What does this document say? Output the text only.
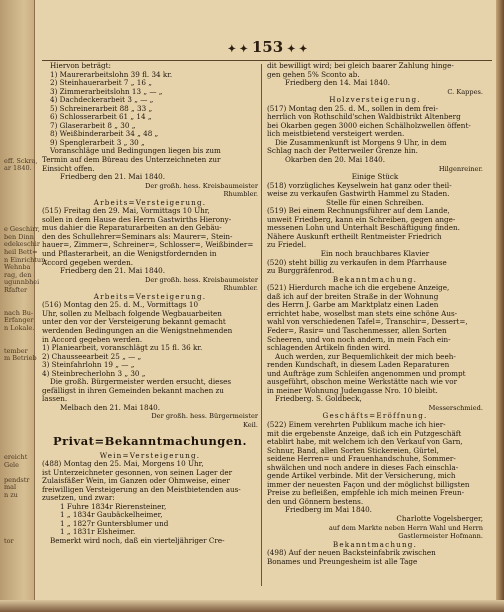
eff. Sckra,
ar 1840.

e Geschirr,
ben Dinn
edekeschir
heil Bett=
n Einrichtun-
Wehnba
rag, den
ugunnbhei
Rfafter

nach Bu-
Erfanger
n Lokale.

tember
m Betrieb

ereicht
Gele

pendstr
mal
n zu

tor
✦ ✦ 153 ✦ ✦
Hiervon beträgt:
1) Maurerarbeitslohn 39 fl. 34 kr.
2) Steinhauerarbeit 7 „ 16 „
3) Zimmerarbeitslohn 13 „ — „
4) Dachdeckerarbeit 3 „ — „
5) Schreinerarbeit 88 „ 33 „
6) Schlosserarbeit 61 „ 14 „
7) Glaserarbeit 8 „ 30 „
8) Weißbinderarbeit 34 „ 48 „
9) Spenglerarbeit 3 „ 30 „
Voranschläge und Bedingungen liegen bis zum
Termin auf dem Büreau des Unterzeichneten zur
Einsicht offen.
Friedberg den 21. Mai 1840.
Der großh. hess. Kreisbaumeister
Rhumbler.
Arbeits=Versteigerung.
(515) Freitag den 29. Mai, Vormittags 10 Uhr,
sollen in dem Hause des Herrn Gastwirths Hierony-
mus dahier die Reparaturarbeiten an den Gebäu-
den des Schullehrer=Seminars als: Maurer=, Stein-
hauer=, Zimmer=, Schreiner=, Schlosser=, Weißbinder=
und Pflasterarbeit, an die Wenigstfordernden in
Accord gegeben werden.
Friedberg den 21. Mai 1840.
Der großh. hess. Kreisbaumeister
Rhumbler.
Arbeits=Versteigerung.
(516) Montag den 25. d. M., Vormittags 10
Uhr, sollen zu Melbach folgende Wegbauarbeiten
unter den vor der Versteigerung bekannt gemacht
werdenden Bedingungen an die Wenigstnehmenden
in Accord gegeben werden.
1) Planiearbeit, voranschlägt zu 15 fl. 36 kr.
2) Chausseearbeit 25 „ — „
3) Steinfahrlohn 19 „ — „
4) Steinbrecherlohn 3 „ 30 „
Die großh. Bürgermeister werden ersucht, dieses
gefälligst in ihren Gemeinden bekannt machen zu
lassen.
Melbach den 21. Mai 1840.
Der großh. hess. Bürgermeister
Keil.
Privat=Bekanntmachungen.
Wein=Versteigerung.
(488) Montag den 25. Mai, Morgens 10 Uhr,
ist Unterzeichneter gesonnen, von seinen Lager der
Zulaisfäßer Wein, im Ganzen oder Ohmweise, einer
freiwilligen Versteigerung an den Meistbietenden aus-
zusetzen, und zwar:
1 Fuhre 1834r Rierensteiner,
1 „ 1834r Gaubäckelheimer,
1 „ 1827r Guntersblumer und
1 „ 1831r Elsheimer.
Bemerkt wird noch, daß ein vierteljähriger Cre-
dit bewilligt wird; bei gleich baarer Zahlung hinge-
gen gehen 5% Sconto ab.
Friedberg den 14. Mai 1840.
C. Kappes.
Holzversteigerung.
(517) Montag den 25. d. M., sollen in dem frei-
herrlich von Rothschild'schen Waldbistrikt Altenberg
bei Okarben gegen 3000 eichen Schälholzwellen öffent-
lich meistbietend versteigert werden.
Die Zusammenkunft ist Morgens 9 Uhr, in dem
Schlag nach der Petterweiler Grenze hin.
Okarben den 20. Mai 1840.
Hilgenreiner.
Einige Stück
(518) vorzügliches Keyselwein hat ganz oder theil-
weise zu verkaufen Gastwirth Hammel zu Staden.
Stelle für einen Schreiben.
(519) Bei einem Rechnungsführer auf dem Lande,
unweit Friedberg, kann ein Schreiben, gegen ange-
messenen Lohn und Unterhalt Beschäftigung finden.
Nähere Auskunft ertheilt Rentmeister Friedrich
zu Friedel.
Ein noch brauchbares Klavier
(520) steht billig zu verkaufen in dem Pfarrhause
zu Burggräfenrod.
Bekanntmachung.
(521) Hierdurch mache ich die ergebene Anzeige,
daß ich auf der breiten Straße in der Wohnung
des Herrn J. Garbe am Marktplatz einen Laden
errichtet habe, woselbst man stets eine schöne Aus-
wahl von verschiedenen Tafel=, Transchir=, Dessert=,
Feder=, Rasir= und Taschenmesser, allen Sorten
Scheeren, und von noch andern, in mein Fach ein-
schlagenden Artikeln finden wird.
Auch werden, zur Bequemlichkeit der mich beeh-
renden Kundschaft, in diesem Laden Reparaturen
und Aufträge zum Schleifen angenommen und prompt
ausgeführt, obschon meine Werkstätte nach wie vor
in meiner Wohnung Judengasse Nro. 10 bleibt.
Friedberg. S. Goldbeck,
Messerschmied.
Geschäfts=Eröffnung.
(522) Einem verehrten Publikum mache ich hier-
mit die ergebenste Anzeige, daß ich ein Putzgeschäft
etablirt habe, mit welchem ich den Verkauf von Garn,
Schnur, Band, allen Sorten Stickereien, Gürtel,
seidene Herren= und Frauenhandschuhe, Sommer-
shwälchen und noch andere in dieses Fach einschla-
gende Artikel verbinde. Mit der Versicherung, mich
immer der neuesten Façon und der möglichst billigsten
Preise zu befleißen, empfehle ich mich meinen Freun-
den und Gönnern bestens.
Friedberg im Mai 1840.
Charlotte Vogelsberger,
auf dem Markte neben Herrn Wahl und Herrn
Gastlermeister Hofmann.
Bekanntmachung.
(498) Auf der neuen Backsteinfabrik zwischen
Bonames und Preungesheim ist alle Tage
